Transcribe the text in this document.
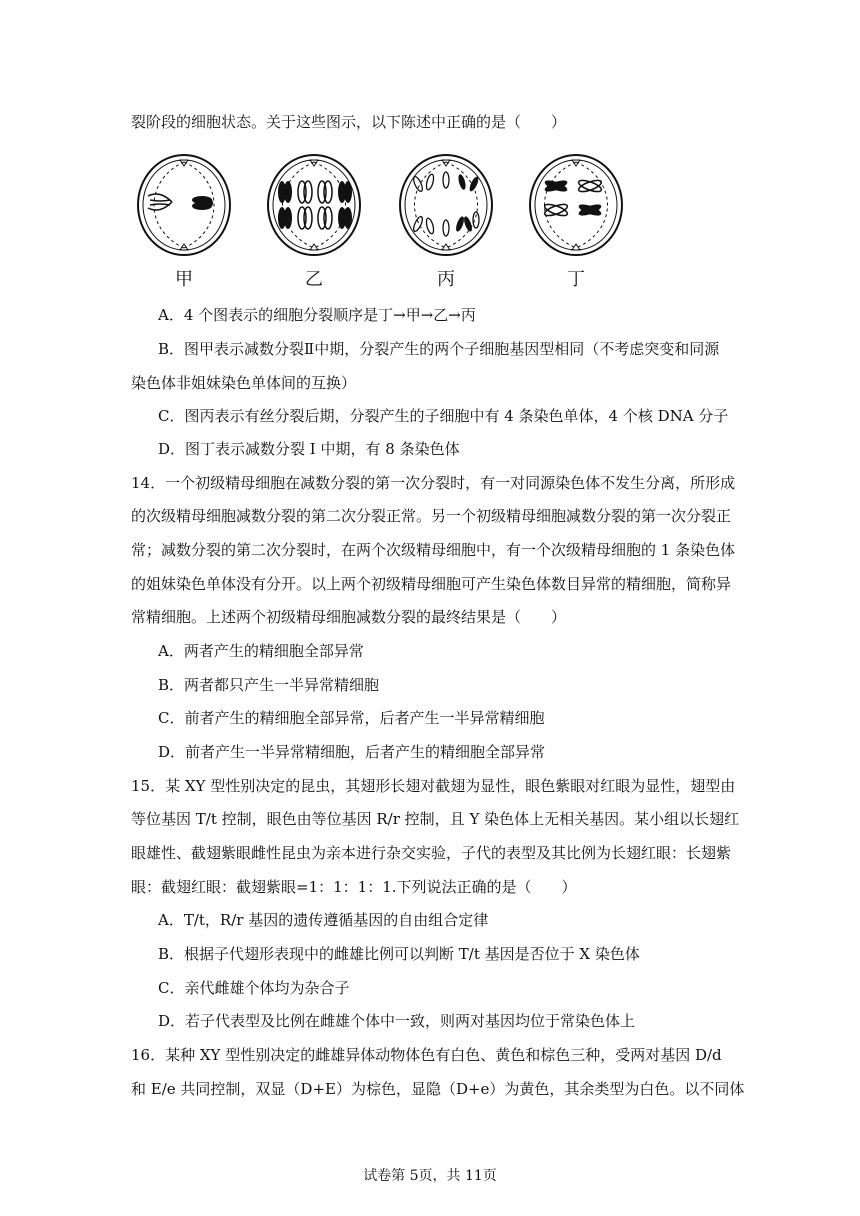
裂阶段的细胞状态。关于这些图示，以下陈述中正确的是（　　）
甲	乙	丙	丁
A．4 个图表示的细胞分裂顺序是丁→甲→乙→丙
B．图甲表示减数分裂Ⅱ中期，分裂产生的两个子细胞基因型相同（不考虑突变和同源
染色体非姐妹染色单体间的互换）
C．图丙表示有丝分裂后期，分裂产生的子细胞中有 4 条染色单体，4 个核 DNA 分子
D．图丁表示减数分裂 I 中期，有 8 条染色体
14．一个初级精母细胞在减数分裂的第一次分裂时，有一对同源染色体不发生分离，所形成
的次级精母细胞减数分裂的第二次分裂正常。另一个初级精母细胞减数分裂的第一次分裂正
常；减数分裂的第二次分裂时，在两个次级精母细胞中，有一个次级精母细胞的 1 条染色体
的姐妹染色单体没有分开。以上两个初级精母细胞可产生染色体数目异常的精细胞，简称异
常精细胞。上述两个初级精母细胞减数分裂的最终结果是（　　）
A．两者产生的精细胞全部异常
B．两者都只产生一半异常精细胞
C．前者产生的精细胞全部异常，后者产生一半异常精细胞
D．前者产生一半异常精细胞，后者产生的精细胞全部异常
15．某 XY 型性别决定的昆虫，其翅形长翅对截翅为显性，眼色紫眼对红眼为显性，翅型由
等位基因 T/t 控制，眼色由等位基因 R/r 控制，且 Y 染色体上无相关基因。某小组以长翅红
眼雄性、截翅紫眼雌性昆虫为亲本进行杂交实验，子代的表型及其比例为长翅红眼：长翅紫
眼：截翅红眼：截翅紫眼=1：1：1：1.下列说法正确的是（　　）
A．T/t，R/r 基因的遗传遵循基因的自由组合定律
B．根据子代翅形表现中的雌雄比例可以判断 T/t 基因是否位于 X 染色体
C．亲代雌雄个体均为杂合子
D．若子代表型及比例在雌雄个体中一致，则两对基因均位于常染色体上
16．某种 XY 型性别决定的雌雄异体动物体色有白色、黄色和棕色三种，受两对基因 D/d
和 E/e 共同控制，双显（D+E）为棕色，显隐（D+e）为黄色，其余类型为白色。以不同体
试卷第 5页，共 11页
